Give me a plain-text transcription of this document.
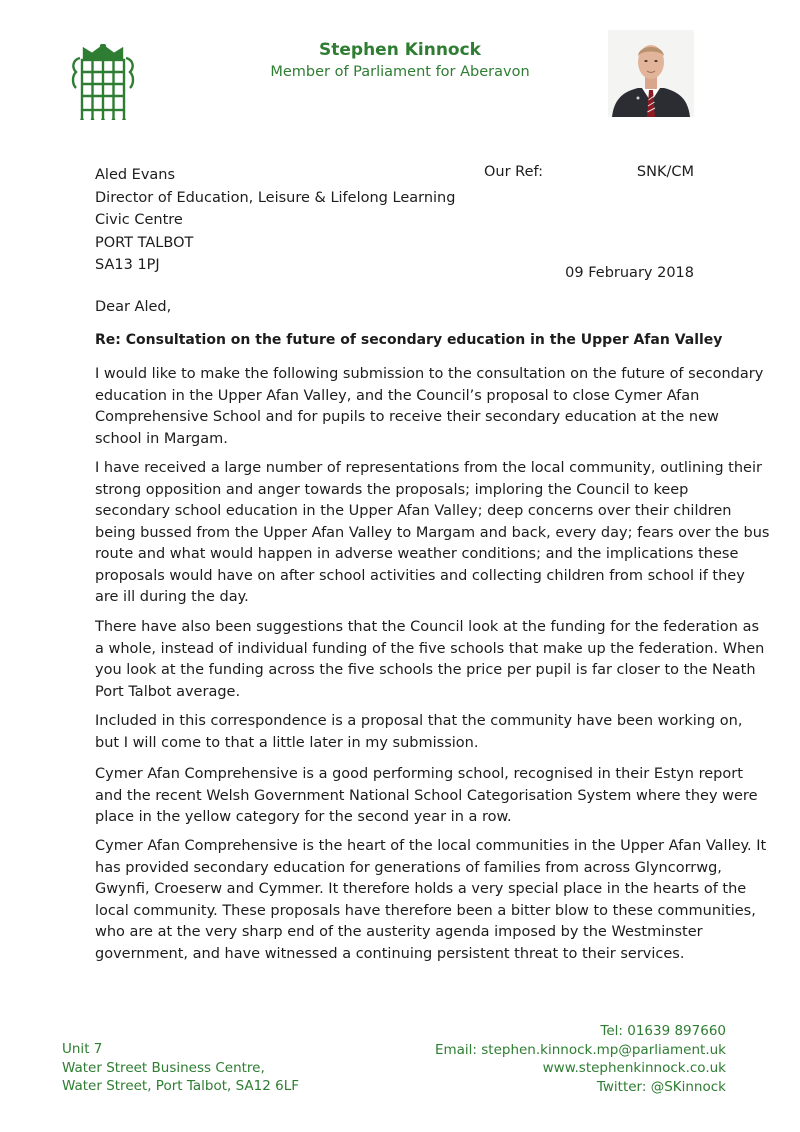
Stephen Kinnock
Member of Parliament for Aberavon
Aled Evans
Director of Education, Leisure & Lifelong Learning
Civic Centre
PORT TALBOT
SA13 1PJ
Our Ref:	SNK/CM
09 February 2018
Dear Aled,
Re: Consultation on the future of secondary education in the Upper Afan Valley
I would like to make the following submission to the consultation on the future of secondary
education in the Upper Afan Valley, and the Council’s proposal to close Cymer Afan
Comprehensive School and for pupils to receive their secondary education at the new
school in Margam.
I have received a large number of representations from the local community, outlining their
strong opposition and anger towards the proposals; imploring the Council to keep
secondary school education in the Upper Afan Valley; deep concerns over their children
being bussed from the Upper Afan Valley to Margam and back, every day; fears over the bus
route and what would happen in adverse weather conditions; and the implications these
proposals would have on after school activities and collecting children from school if they
are ill during the day.
There have also been suggestions that the Council look at the funding for the federation as
a whole, instead of individual funding of the five schools that make up the federation. When
you look at the funding across the five schools the price per pupil is far closer to the Neath
Port Talbot average.
Included in this correspondence is a proposal that the community have been working on,
but I will come to that a little later in my submission.
Cymer Afan Comprehensive is a good performing school, recognised in their Estyn report
and the recent Welsh Government National School Categorisation System where they were
place in the yellow category for the second year in a row.
Cymer Afan Comprehensive is the heart of the local communities in the Upper Afan Valley. It
has provided secondary education for generations of families from across Glyncorrwg,
Gwynfi, Croeserw and Cymmer. It therefore holds a very special place in the hearts of the
local community. These proposals have therefore been a bitter blow to these communities,
who are at the very sharp end of the austerity agenda imposed by the Westminster
government, and have witnessed a continuing persistent threat to their services.
Unit 7
Water Street Business Centre,
Water Street, Port Talbot, SA12 6LF
Tel: 01639 897660
Email: stephen.kinnock.mp@parliament.uk
www.stephenkinnock.co.uk
Twitter: @SKinnock
